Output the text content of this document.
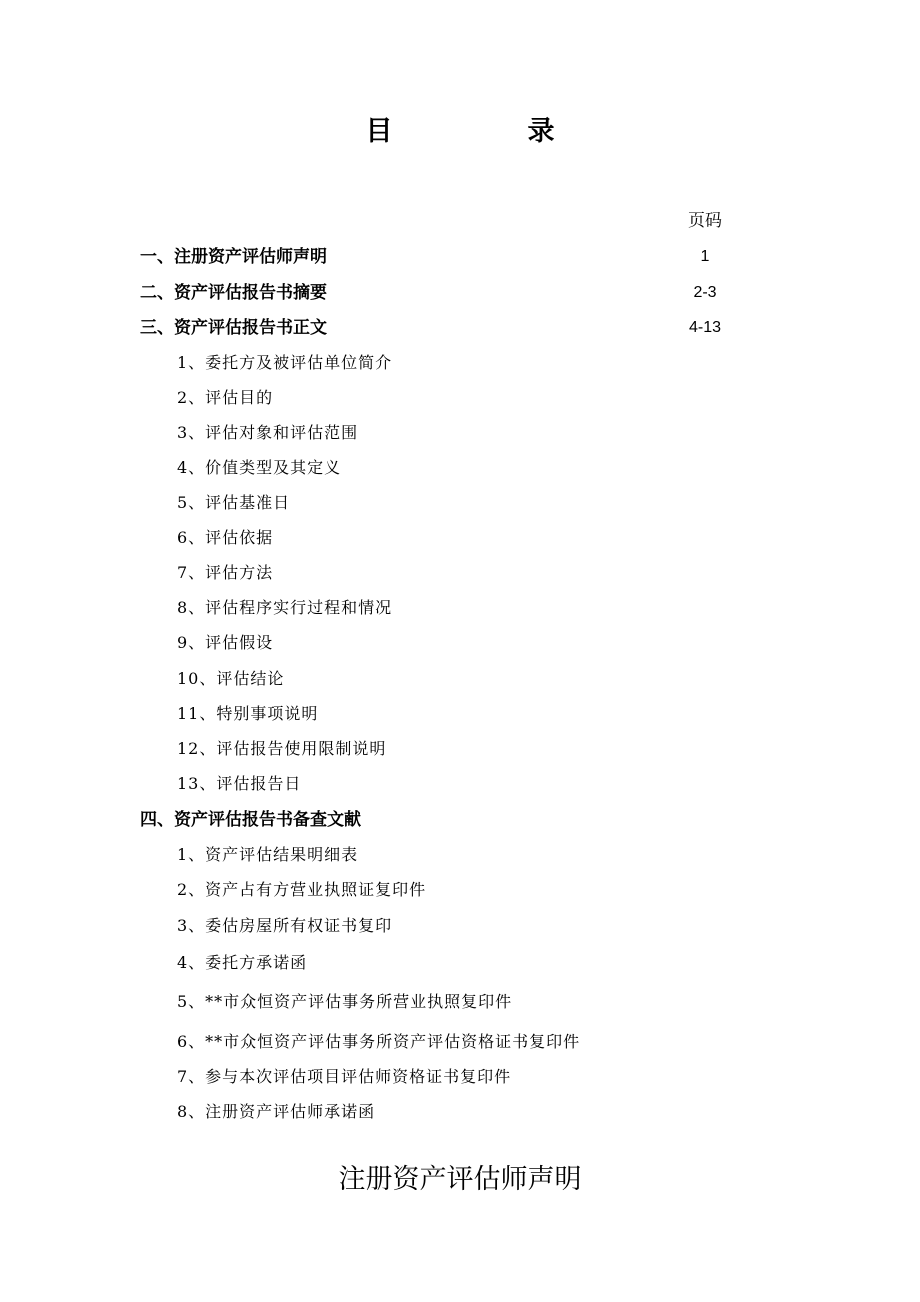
目　录
页码
一、注册资产评估师声明	1
二、资产评估报告书摘要	2-3
三、资产评估报告书正文	4-13
1、委托方及被评估单位简介
2、评估目的
3、评估对象和评估范围
4、价值类型及其定义
5、评估基准日
6、评估依据
7、评估方法
8、评估程序实行过程和情况
9、评估假设
10、评估结论
11、特别事项说明
12、评估报告使用限制说明
13、评估报告日
四、资产评估报告书备查文献
1、资产评估结果明细表
2、资产占有方营业执照证复印件
3、委估房屋所有权证书复印
4、委托方承诺函
5、**市众恒资产评估事务所营业执照复印件
6、**市众恒资产评估事务所资产评估资格证书复印件
7、参与本次评估项目评估师资格证书复印件
8、注册资产评估师承诺函
注册资产评估师声明
